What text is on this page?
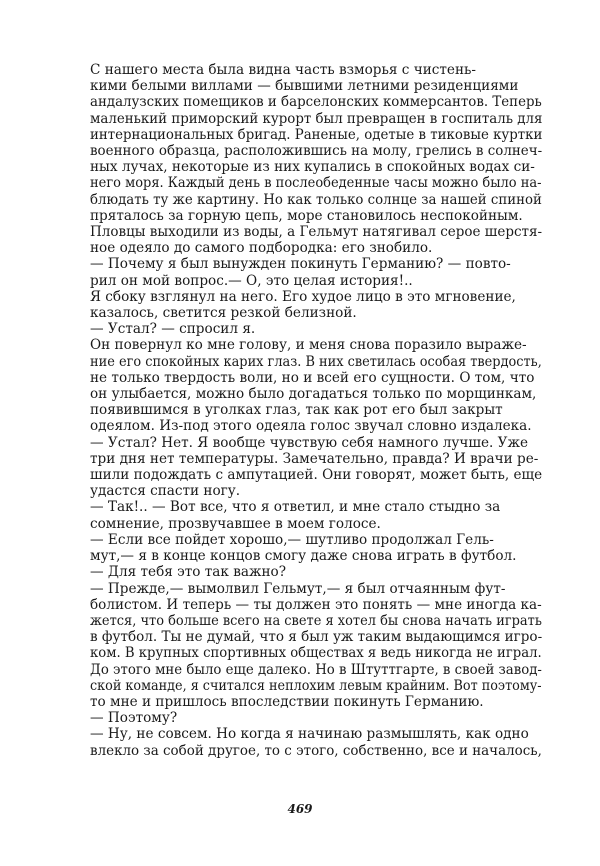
С нашего места была видна часть взморья с чистень-
кими белыми виллами — бывшими летними резиденциями
андалузских помещиков и барселонских коммерсантов. Теперь
маленький приморский курорт был превращен в госпиталь для
интернациональных бригад. Раненые, одетые в тиковые куртки
военного образца, расположившись на молу, грелись в солнеч-
ных лучах, некоторые из них купались в спокойных водах си-
него моря. Каждый день в послеобеденные часы можно было на-
блюдать ту же картину. Но как только солнце за нашей спиной
пряталось за горную цепь, море становилось неспокойным.
Пловцы выходили из воды, а Гельмут натягивал серое шерстя-
ное одеяло до самого подбородка: его знобило.
— Почему я был вынужден покинуть Германию? — повто-
рил он мой вопрос.— О, это целая история!..
Я сбоку взглянул на него. Его худое лицо в это мгновение,
казалось, светится резкой белизной.
— Устал? — спросил я.
Он повернул ко мне голову, и меня снова поразило выраже-
ние его спокойных карих глаз. В них светилась особая твердость,
не только твердость воли, но и всей его сущности. О том, что
он улыбается, можно было догадаться только по морщинкам,
появившимся в уголках глаз, так как рот его был закрыт
одеялом. Из-под этого одеяла голос звучал словно издалека.
— Устал? Нет. Я вообще чувствую себя намного лучше. Уже
три дня нет температуры. Замечательно, правда? И врачи ре-
шили подождать с ампутацией. Они говорят, может быть, еще
удастся спасти ногу.
— Так!.. — Вот все, что я ответил, и мне стало стыдно за
сомнение, прозвучавшее в моем голосе.
— Если все пойдет хорошо,— шутливо продолжал Гель-
мут,— я в конце концов смогу даже снова играть в футбол.
— Для тебя это так важно?
— Прежде,— вымолвил Гельмут,— я был отчаянным фут-
болистом. И теперь — ты должен это понять — мне иногда ка-
жется, что больше всего на свете я хотел бы снова начать играть
в футбол. Ты не думай, что я был уж таким выдающимся игро-
ком. В крупных спортивных обществах я ведь никогда не играл.
До этого мне было еще далеко. Но в Штуттгарте, в своей завод-
ской команде, я считался неплохим левым крайним. Вот поэтому-
то мне и пришлось впоследствии покинуть Германию.
— Поэтому?
— Ну, не совсем. Но когда я начинаю размышлять, как одно
влекло за собой другое, то с этого, собственно, все и началось,
469
